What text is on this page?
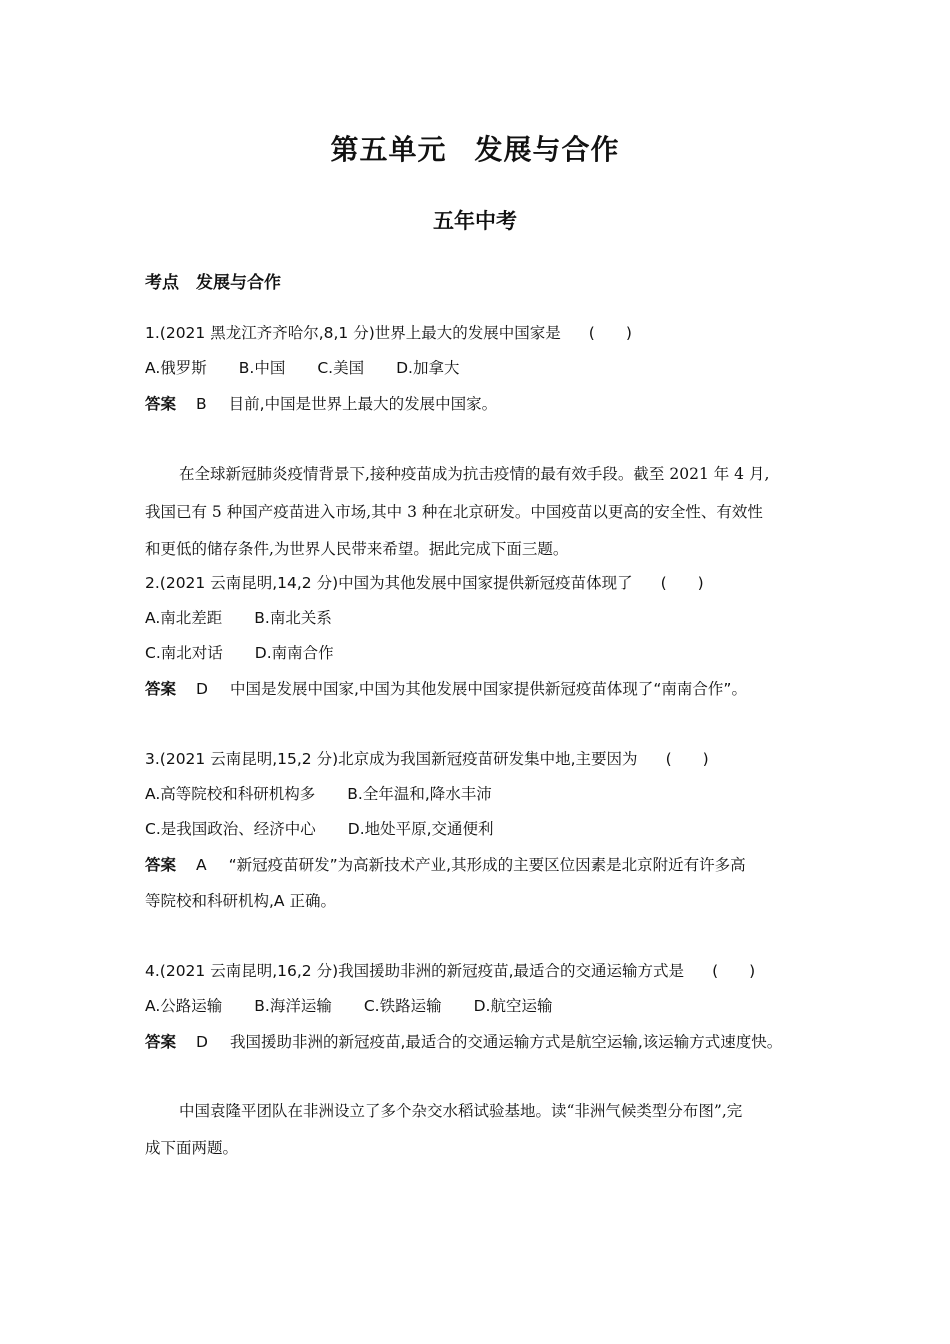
第五单元 发展与合作
五年中考
考点　发展与合作
1.(2021 黑龙江齐齐哈尔,8,1 分)世界上最大的发展中国家是 (　　)
A.俄罗斯 B.中国 C.美国 D.加拿大
答案 B 目前,中国是世界上最大的发展中国家。
在全球新冠肺炎疫情背景下,接种疫苗成为抗击疫情的最有效手段。截至 2021 年 4 月,
我国已有 5 种国产疫苗进入市场,其中 3 种在北京研发。中国疫苗以更高的安全性、有效性
和更低的储存条件,为世界人民带来希望。据此完成下面三题。
2.(2021 云南昆明,14,2 分)中国为其他发展中国家提供新冠疫苗体现了 (　　)
A.南北差距 B.南北关系
C.南北对话 D.南南合作
答案 D 中国是发展中国家,中国为其他发展中国家提供新冠疫苗体现了“南南合作”。
3.(2021 云南昆明,15,2 分)北京成为我国新冠疫苗研发集中地,主要因为 (　　)
A.高等院校和科研机构多 B.全年温和,降水丰沛
C.是我国政治、经济中心 D.地处平原,交通便利
答案 A “新冠疫苗研发”为高新技术产业,其形成的主要区位因素是北京附近有许多高
等院校和科研机构,A 正确。
4.(2021 云南昆明,16,2 分)我国援助非洲的新冠疫苗,最适合的交通运输方式是 (　　)
A.公路运输 B.海洋运输 C.铁路运输 D.航空运输
答案 D 我国援助非洲的新冠疫苗,最适合的交通运输方式是航空运输,该运输方式速度快。
中国袁隆平团队在非洲设立了多个杂交水稻试验基地。读“非洲气候类型分布图”,完
成下面两题。
